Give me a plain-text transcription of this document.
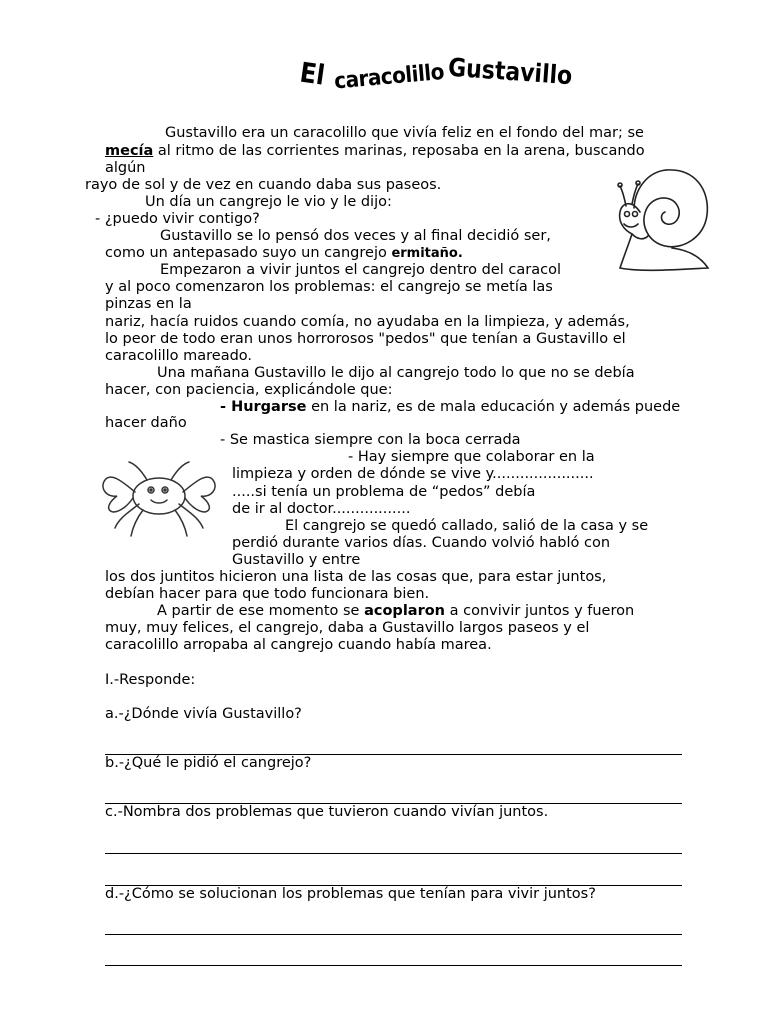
El caracolillo Gustavillo
Gustavillo era un caracolillo que vivía feliz en el fondo del mar; se
mecía al ritmo de las corrientes marinas, reposaba en la arena, buscando
algún
rayo de sol y de vez en cuando daba sus paseos.
Un día un cangrejo le vio y le dijo:
- ¿puedo vivir contigo?
Gustavillo se lo pensó dos veces y al final decidió ser,
como un antepasado suyo un cangrejo ermitaño.
Empezaron a vivir juntos el cangrejo dentro del caracol
y al poco comenzaron los problemas: el cangrejo se metía las
pinzas en la
nariz, hacía ruidos cuando comía, no ayudaba en la limpieza, y además,
lo peor de todo eran unos horrorosos "pedos" que tenían a Gustavillo el
caracolillo mareado.
Una mañana Gustavillo le dijo al cangrejo todo lo que no se debía
hacer, con paciencia, explicándole que:
- Hurgarse en la nariz, es de mala educación y además puede
hacer daño
- Se mastica siempre con la boca cerrada
- Hay siempre que colaborar en la
limpieza y orden de dónde se vive y......................
.....si tenía un problema de “pedos” debía
de ir al doctor.................
El cangrejo se quedó callado, salió de la casa y se
perdió durante varios días. Cuando volvió habló con
Gustavillo y entre
los dos juntitos hicieron una lista de las cosas que, para estar juntos,
debían hacer para que todo funcionara bien.
A partir de ese momento se acoplaron a convivir juntos y fueron
muy, muy felices, el cangrejo, daba a Gustavillo largos paseos y el
caracolillo arropaba al cangrejo cuando había marea.
I.-Responde:
a.-¿Dónde vivía Gustavillo?
b.-¿Qué le pidió el cangrejo?
c.-Nombra dos problemas que tuvieron cuando vivían juntos.
d.-¿Cómo se solucionan los problemas que tenían para vivir juntos?
